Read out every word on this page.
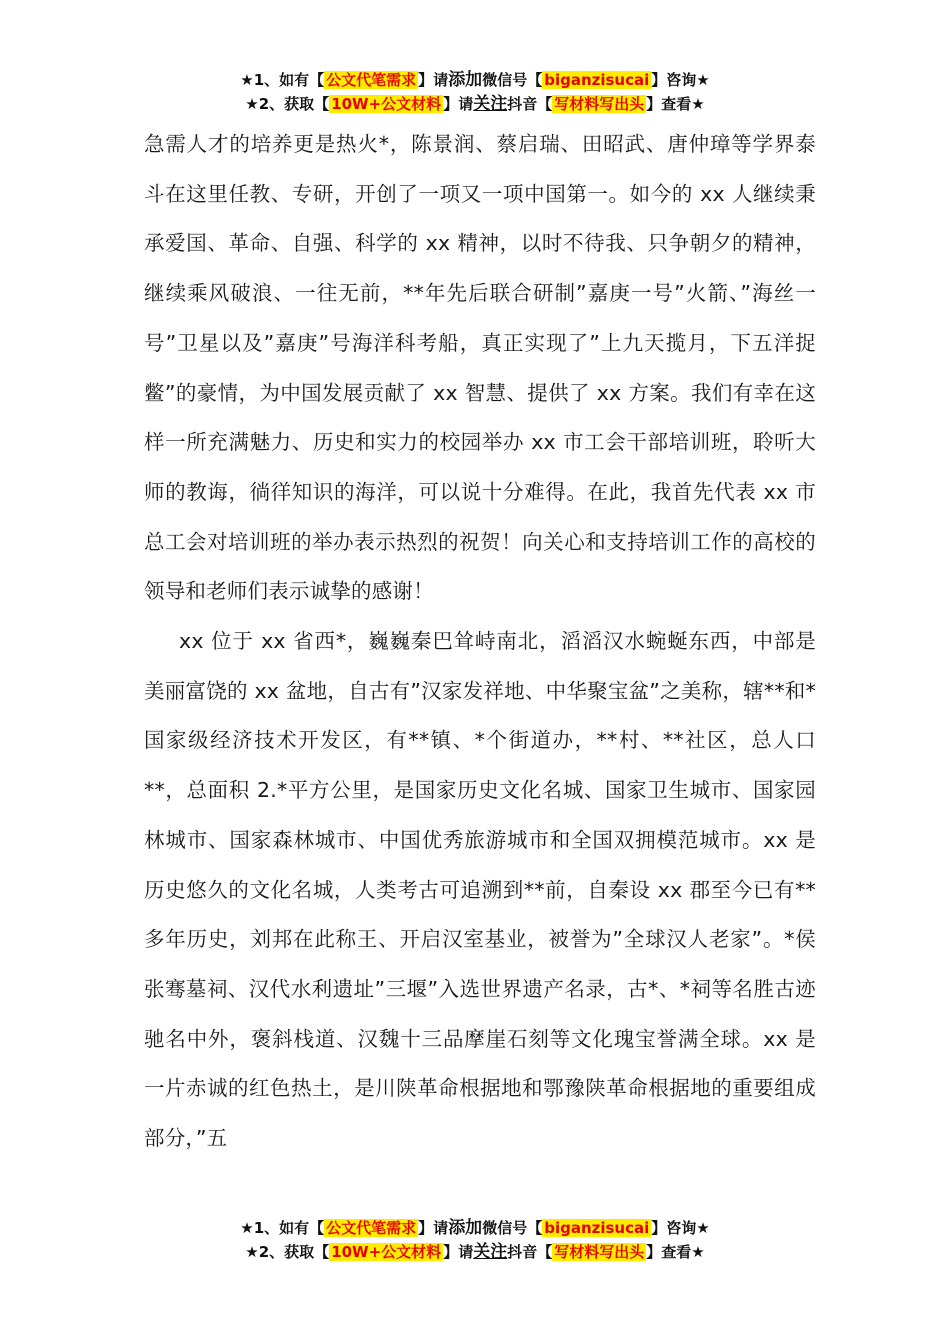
★1、如有【 公文代笔需求 】请添加微信号【 biganzisucai 】咨询★
★2、获取【 10W+公文材料 】请关注抖音【 写材料写出头 】查看★

急需人才的培养更是热火*，陈景润、蔡启瑞、田昭武、唐仲璋等学界泰斗在这里任教、专研，开创了一项又一项中国第一。如今的 xx 人继续秉承爱国、革命、自强、科学的 xx 精神，以时不待我、只争朝夕的精神，继续乘风破浪、一往无前，**年先后联合研制”嘉庚一号”火箭、”海丝一号”卫星以及”嘉庚”号海洋科考船，真正实现了”上九天揽月，下五洋捉鳖”的豪情，为中国发展贡献了 xx 智慧、提供了 xx 方案。我们有幸在这样一所充满魅力、历史和实力的校园举办 xx 市工会干部培训班，聆听大师的教诲，徜徉知识的海洋，可以说十分难得。在此，我首先代表 xx 市总工会对培训班的举办表示热烈的祝贺！向关心和支持培训工作的高校的领导和老师们表示诚挚的感谢！

xx 位于 xx 省西*，巍巍秦巴耸峙南北，滔滔汉水蜿蜒东西，中部是美丽富饶的 xx 盆地，自古有”汉家发祥地、中华聚宝盆”之美称，辖**和*国家级经济技术开发区，有**镇、*个街道办，**村、**社区，总人口**，总面积 2.*平方公里，是国家历史文化名城、国家卫生城市、国家园林城市、国家森林城市、中国优秀旅游城市和全国双拥模范城市。xx 是历史悠久的文化名城，人类考古可追溯到**前，自秦设 xx 郡至今已有**多年历史，刘邦在此称王、开启汉室基业，被誉为”全球汉人老家”。*侯张骞墓祠、汉代水利遗址”三堰”入选世界遗产名录，古*、*祠等名胜古迹驰名中外，褒斜栈道、汉魏十三品摩崖石刻等文化瑰宝誉满全球。xx 是一片赤诚的红色热土，是川陕革命根据地和鄂豫陕革命根据地的重要组成部分，”五

★1、如有【 公文代笔需求 】请添加微信号【 biganzisucai 】咨询★
★2、获取【 10W+公文材料 】请关注抖音【 写材料写出头 】查看★
